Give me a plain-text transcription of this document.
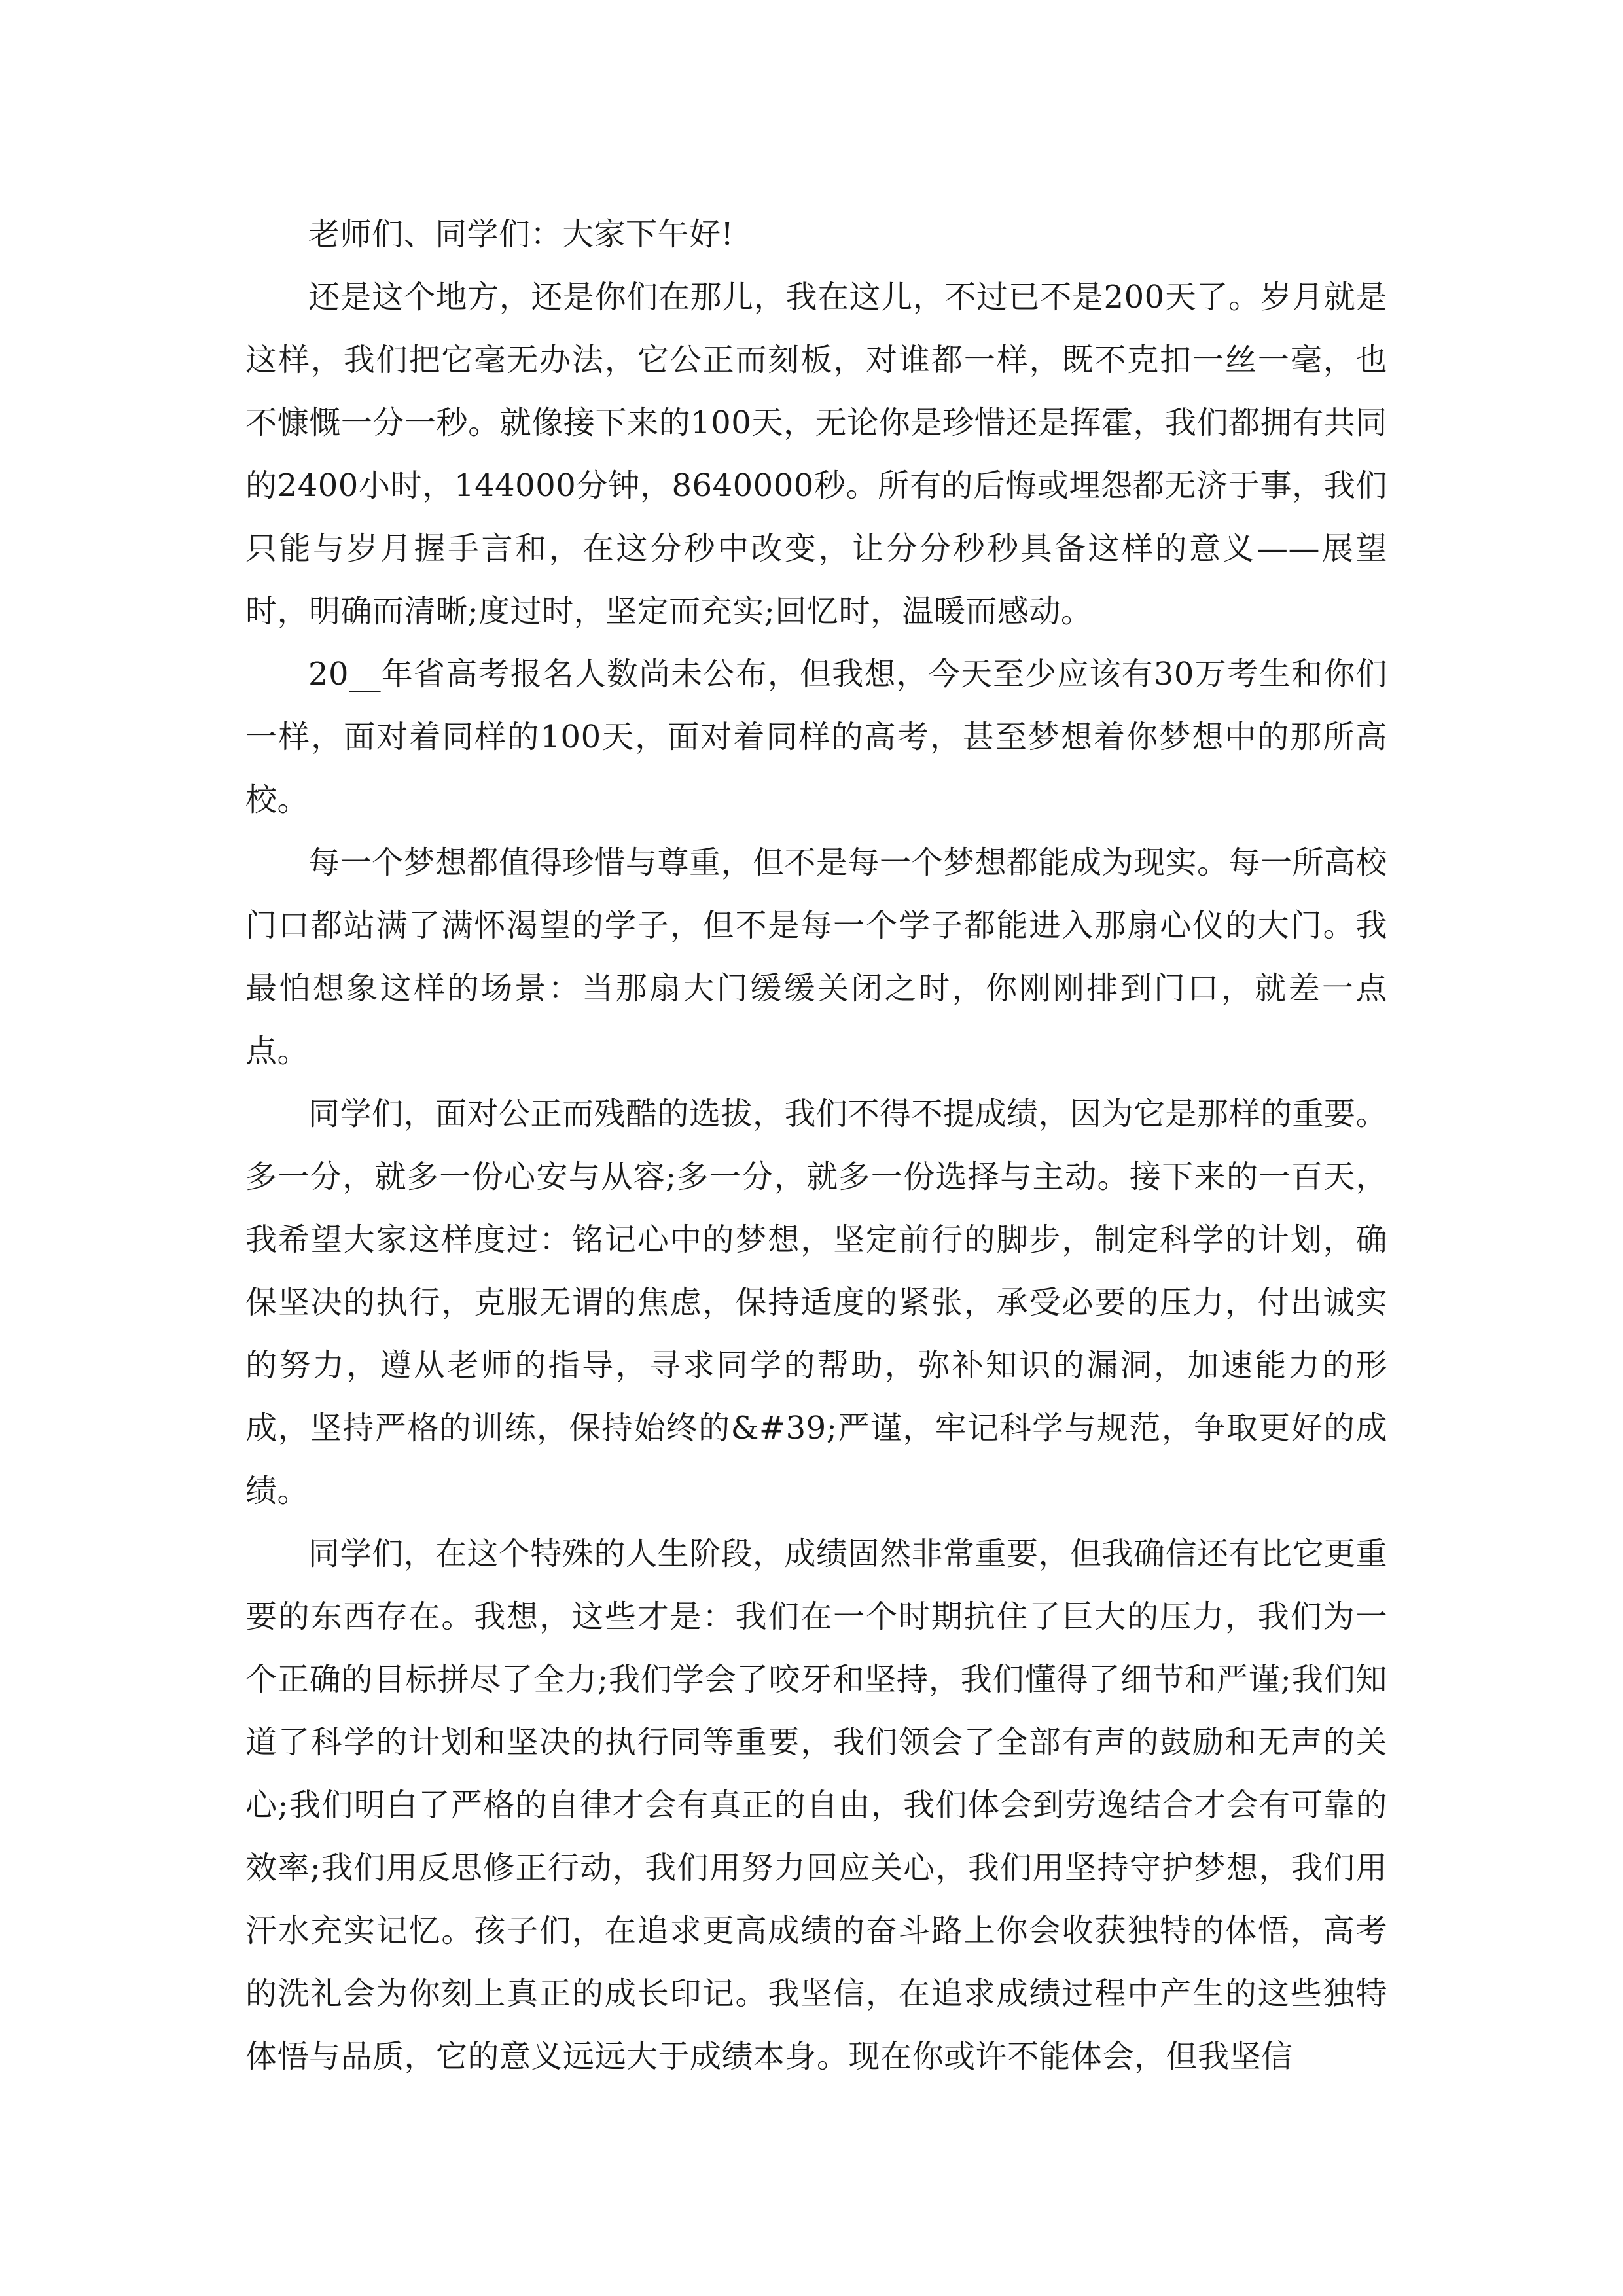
老师们、同学们：大家下午好!

还是这个地方，还是你们在那儿，我在这儿，不过已不是200天了。岁月就是这样，我们把它毫无办法，它公正而刻板，对谁都一样，既不克扣一丝一毫，也不慷慨一分一秒。就像接下来的100天，无论你是珍惜还是挥霍，我们都拥有共同的2400小时，144000分钟，8640000秒。所有的后悔或埋怨都无济于事，我们只能与岁月握手言和，在这分秒中改变，让分分秒秒具备这样的意义——展望时，明确而清晰;度过时，坚定而充实;回忆时，温暖而感动。

20__年省高考报名人数尚未公布，但我想，今天至少应该有30万考生和你们一样，面对着同样的100天，面对着同样的高考，甚至梦想着你梦想中的那所高校。

每一个梦想都值得珍惜与尊重，但不是每一个梦想都能成为现实。每一所高校门口都站满了满怀渴望的学子，但不是每一个学子都能进入那扇心仪的大门。我最怕想象这样的场景：当那扇大门缓缓关闭之时，你刚刚排到门口，就差一点点。

同学们，面对公正而残酷的选拔，我们不得不提成绩，因为它是那样的重要。多一分，就多一份心安与从容;多一分，就多一份选择与主动。接下来的一百天，我希望大家这样度过：铭记心中的梦想，坚定前行的脚步，制定科学的计划，确保坚决的执行，克服无谓的焦虑，保持适度的紧张，承受必要的压力，付出诚实的努力，遵从老师的指导，寻求同学的帮助，弥补知识的漏洞，加速能力的形成，坚持严格的训练，保持始终的&#39;严谨，牢记科学与规范，争取更好的成绩。

同学们，在这个特殊的人生阶段，成绩固然非常重要，但我确信还有比它更重要的东西存在。我想，这些才是：我们在一个时期抗住了巨大的压力，我们为一个正确的目标拼尽了全力;我们学会了咬牙和坚持，我们懂得了细节和严谨;我们知道了科学的计划和坚决的执行同等重要，我们领会了全部有声的鼓励和无声的关心;我们明白了严格的自律才会有真正的自由，我们体会到劳逸结合才会有可靠的效率;我们用反思修正行动，我们用努力回应关心，我们用坚持守护梦想，我们用汗水充实记忆。孩子们，在追求更高成绩的奋斗路上你会收获独特的体悟，高考的洗礼会为你刻上真正的成长印记。我坚信，在追求成绩过程中产生的这些独特体悟与品质，它的意义远远大于成绩本身。现在你或许不能体会，但我坚信
